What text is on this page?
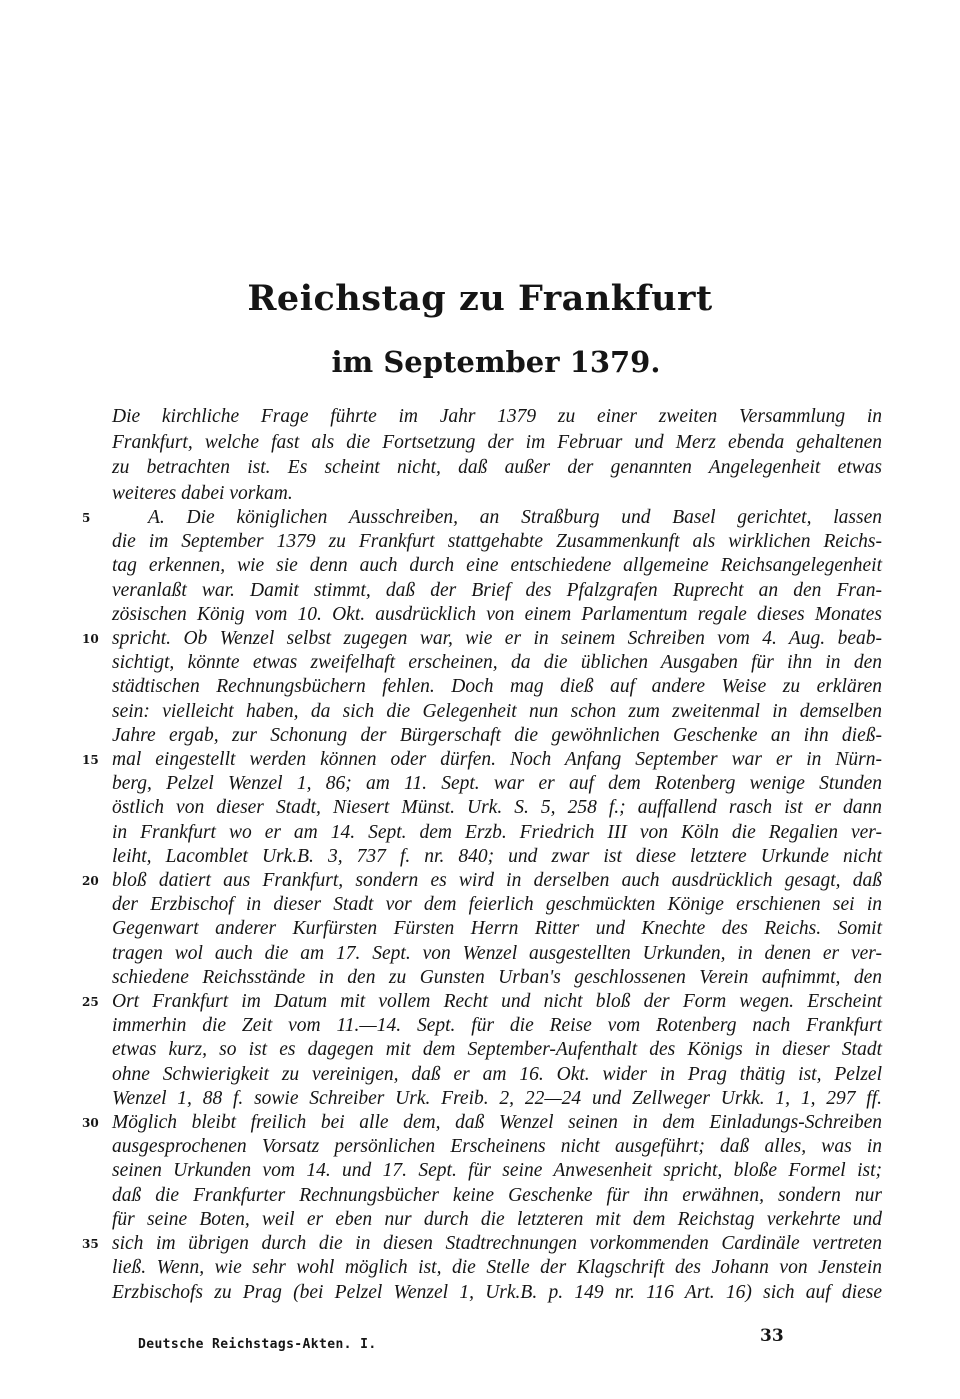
Reichstag zu Frankfurt
im September 1379.
Die kirchliche Frage führte im Jahr 1379 zu einer zweiten Versammlung in
Frankfurt, welche fast als die Fortsetzung der im Februar und Merz ebenda gehaltenen
zu betrachten ist. Es scheint nicht, daß außer der genannten Angelegenheit etwas
weiteres dabei vorkam.
5	A. Die königlichen Ausschreiben, an Straßburg und Basel gerichtet, lassen
die im September 1379 zu Frankfurt stattgehabte Zusammenkunft als wirklichen Reichs-
tag erkennen, wie sie denn auch durch eine entschiedene allgemeine Reichsangelegenheit
veranlaßt war. Damit stimmt, daß der Brief des Pfalzgrafen Ruprecht an den Fran-
zösischen König vom 10. Okt. ausdrücklich von einem Parlamentum regale dieses Monates
10 spricht. Ob Wenzel selbst zugegen war, wie er in seinem Schreiben vom 4. Aug. beab-
sichtigt, könnte etwas zweifelhaft erscheinen, da die üblichen Ausgaben für ihn in den
städtischen Rechnungsbüchern fehlen. Doch mag dieß auf andere Weise zu erklären
sein: vielleicht haben, da sich die Gelegenheit nun schon zum zweitenmal in demselben
Jahre ergab, zur Schonung der Bürgerschaft die gewöhnlichen Geschenke an ihn dieß-
15 mal eingestellt werden können oder dürfen. Noch Anfang September war er in Nürn-
berg, Pelzel Wenzel 1, 86; am 11. Sept. war er auf dem Rotenberg wenige Stunden
östlich von dieser Stadt, Niesert Münst. Urk. S. 5, 258 f.; auffallend rasch ist er dann
in Frankfurt wo er am 14. Sept. dem Erzb. Friedrich III von Köln die Regalien ver-
leiht, Lacomblet Urk.B. 3, 737 f. nr. 840; und zwar ist diese letztere Urkunde nicht
20 bloß datiert aus Frankfurt, sondern es wird in derselben auch ausdrücklich gesagt, daß
der Erzbischof in dieser Stadt vor dem feierlich geschmückten Könige erschienen sei in
Gegenwart anderer Kurfürsten Fürsten Herrn Ritter und Knechte des Reichs. Somit
tragen wol auch die am 17. Sept. von Wenzel ausgestellten Urkunden, in denen er ver-
schiedene Reichsstände in den zu Gunsten Urban's geschlossenen Verein aufnimmt, den
25 Ort Frankfurt im Datum mit vollem Recht und nicht bloß der Form wegen. Erscheint
immerhin die Zeit vom 11.—14. Sept. für die Reise vom Rotenberg nach Frankfurt
etwas kurz, so ist es dagegen mit dem September-Aufenthalt des Königs in dieser Stadt
ohne Schwierigkeit zu vereinigen, daß er am 16. Okt. wider in Prag thätig ist, Pelzel
Wenzel 1, 88 f. sowie Schreiber Urk. Freib. 2, 22—24 und Zellweger Urkk. 1, 1, 297 ff.
30 Möglich bleibt freilich bei alle dem, daß Wenzel seinen in dem Einladungs-Schreiben
ausgesprochenen Vorsatz persönlichen Erscheinens nicht ausgeführt; daß alles, was in
seinen Urkunden vom 14. und 17. Sept. für seine Anwesenheit spricht, bloße Formel ist;
daß die Frankfurter Rechnungsbücher keine Geschenke für ihn erwähnen, sondern nur
für seine Boten, weil er eben nur durch die letzteren mit dem Reichstag verkehrte und
35 sich im übrigen durch die in diesen Stadtrechnungen vorkommenden Cardinäle vertreten
ließ. Wenn, wie sehr wohl möglich ist, die Stelle der Klagschrift des Johann von Jenstein
Erzbischofs zu Prag (bei Pelzel Wenzel 1, Urk.B. p. 149 nr. 116 Art. 16) sich auf diese
Deutsche Reichstags-Akten. I.	33
